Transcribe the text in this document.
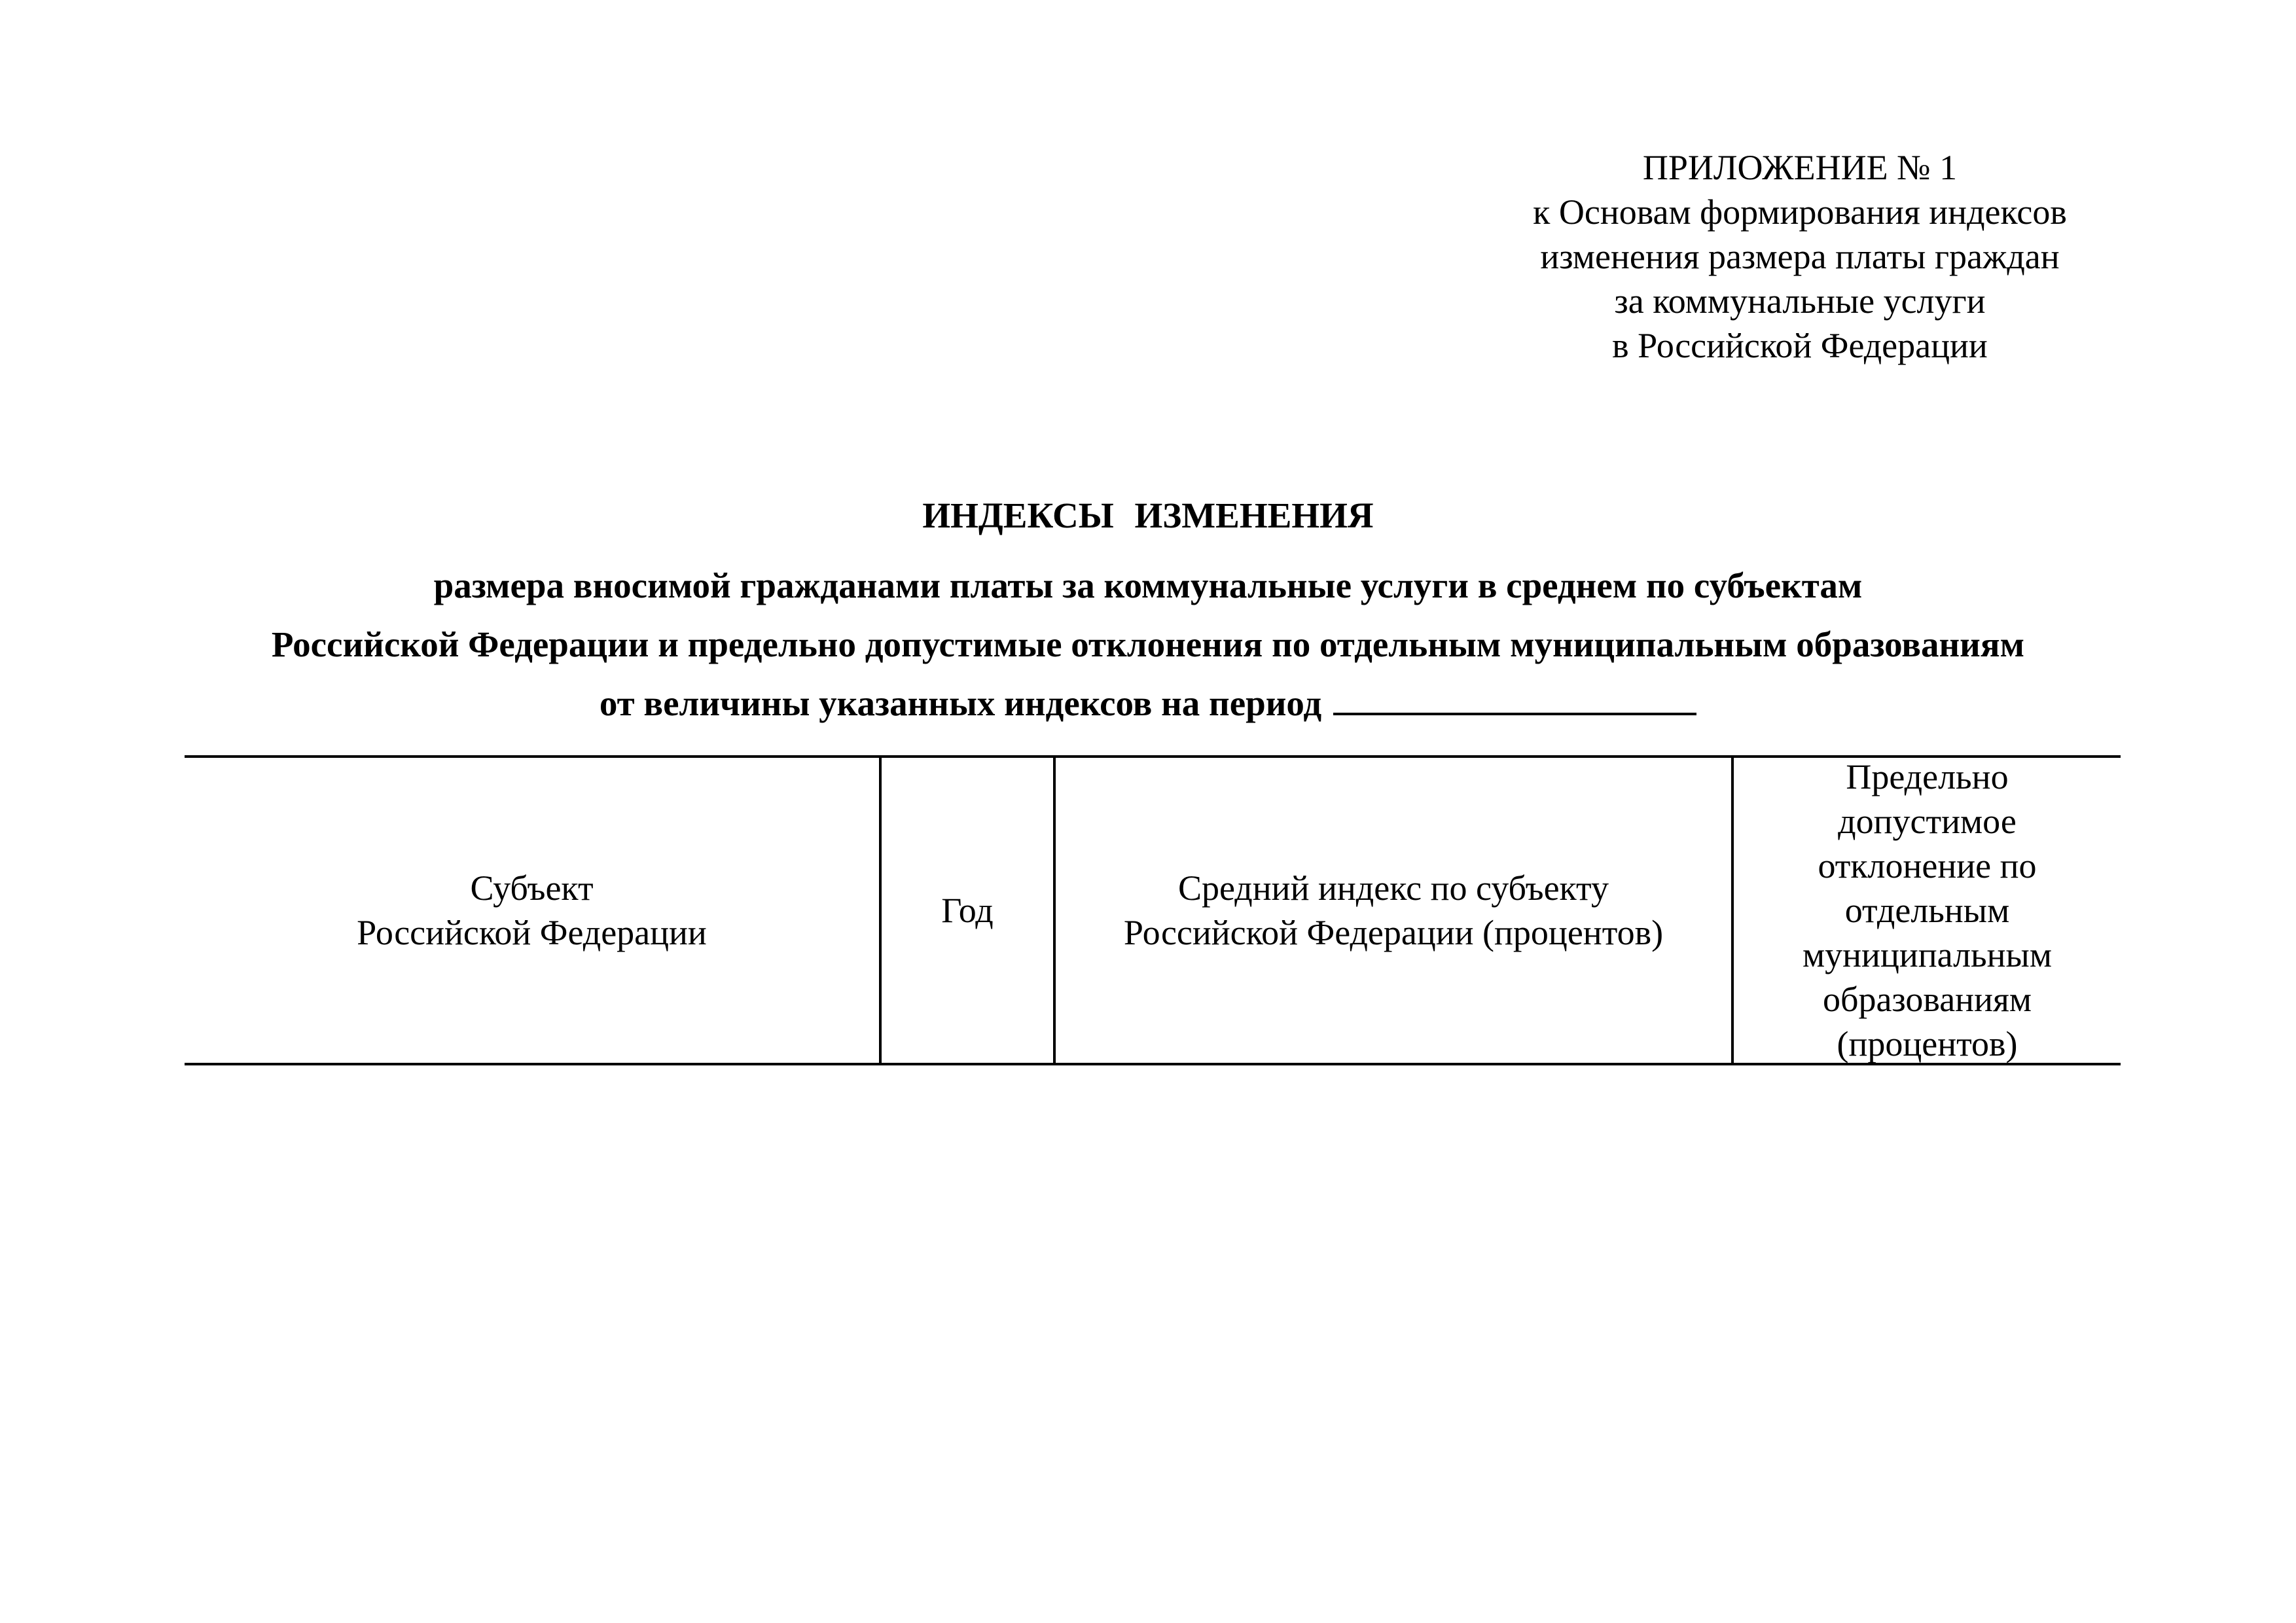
ПРИЛОЖЕНИЕ № 1
к Основам формирования индексов
изменения размера платы граждан
за коммунальные услуги
в Российской Федерации
ИНДЕКСЫ ИЗМЕНЕНИЯ
размера вносимой гражданами платы за коммунальные услуги в среднем по субъектам
Российской Федерации и предельно допустимые отклонения по отдельным муниципальным образованиям
от величины указанных индексов на период
Субъект
Российской Федерации
Год
Средний индекс по субъекту
Российской Федерации (процентов)
Предельно
допустимое
отклонение по
отдельным
муниципальным
образованиям
(процентов)
